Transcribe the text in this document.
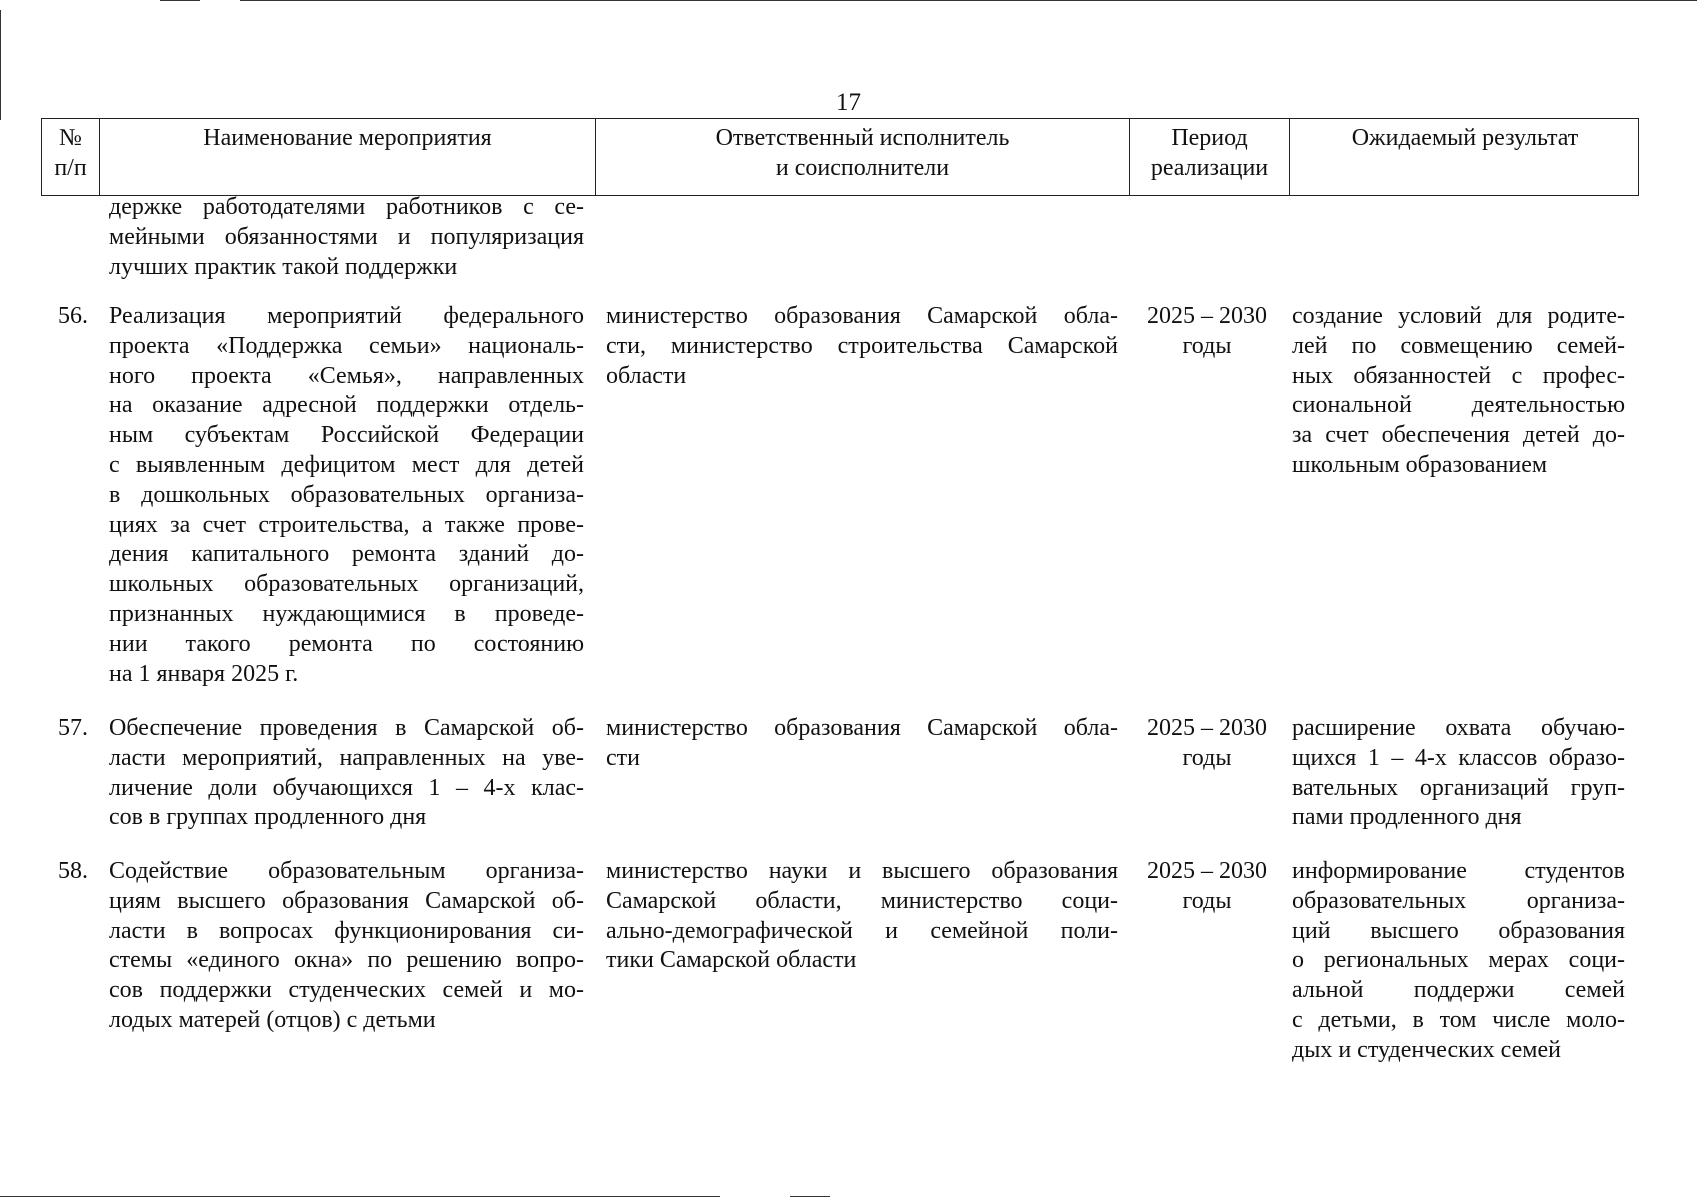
17
№
п/п
Наименование мероприятия	Ответственный исполнитель
и соисполнители
Период
реализации
Ожидаемый результат
держке работодателями работников с се-
мейными обязанностями и популяризация
лучших практик такой поддержки
56. Реализация мероприятий федерального
проекта «Поддержка семьи» националь-
ного проекта «Семья», направленных
на оказание адресной поддержки отдель-
ным субъектам Российской Федерации
с выявленным дефицитом мест для детей
в дошкольных образовательных организа-
циях за счет строительства, а также прове-
дения капитального ремонта зданий до-
школьных образовательных организаций,
признанных нуждающимися в проведе-
нии такого ремонта по состоянию
на 1 января 2025 г.
министерство образования Самарской обла-
сти, министерство строительства Самарской
области
2025 – 2030
годы
создание условий для родите-
лей по совмещению семей-
ных обязанностей с профес-
сиональной деятельностью
за счет обеспечения детей до-
школьным образованием
57. Обеспечение проведения в Самарской об-
ласти мероприятий, направленных на уве-
личение доли обучающихся 1 – 4-х клас-
сов в группах продленного дня
министерство образования Самарской обла-
сти
2025 – 2030
годы
расширение охвата обучаю-
щихся 1 – 4-х классов образо-
вательных организаций груп-
пами продленного дня
58. Содействие образовательным организа-
циям высшего образования Самарской об-
ласти в вопросах функционирования си-
стемы «единого окна» по решению вопро-
сов поддержки студенческих семей и мо-
лодых матерей (отцов) с детьми
министерство науки и высшего образования
Самарской области, министерство соци-
ально-демографической и семейной поли-
тики Самарской области
2025 – 2030
годы
информирование студентов
образовательных организа-
ций высшего образования
о региональных мерах соци-
альной поддержи семей
с детьми, в том числе моло-
дых и студенческих семей
